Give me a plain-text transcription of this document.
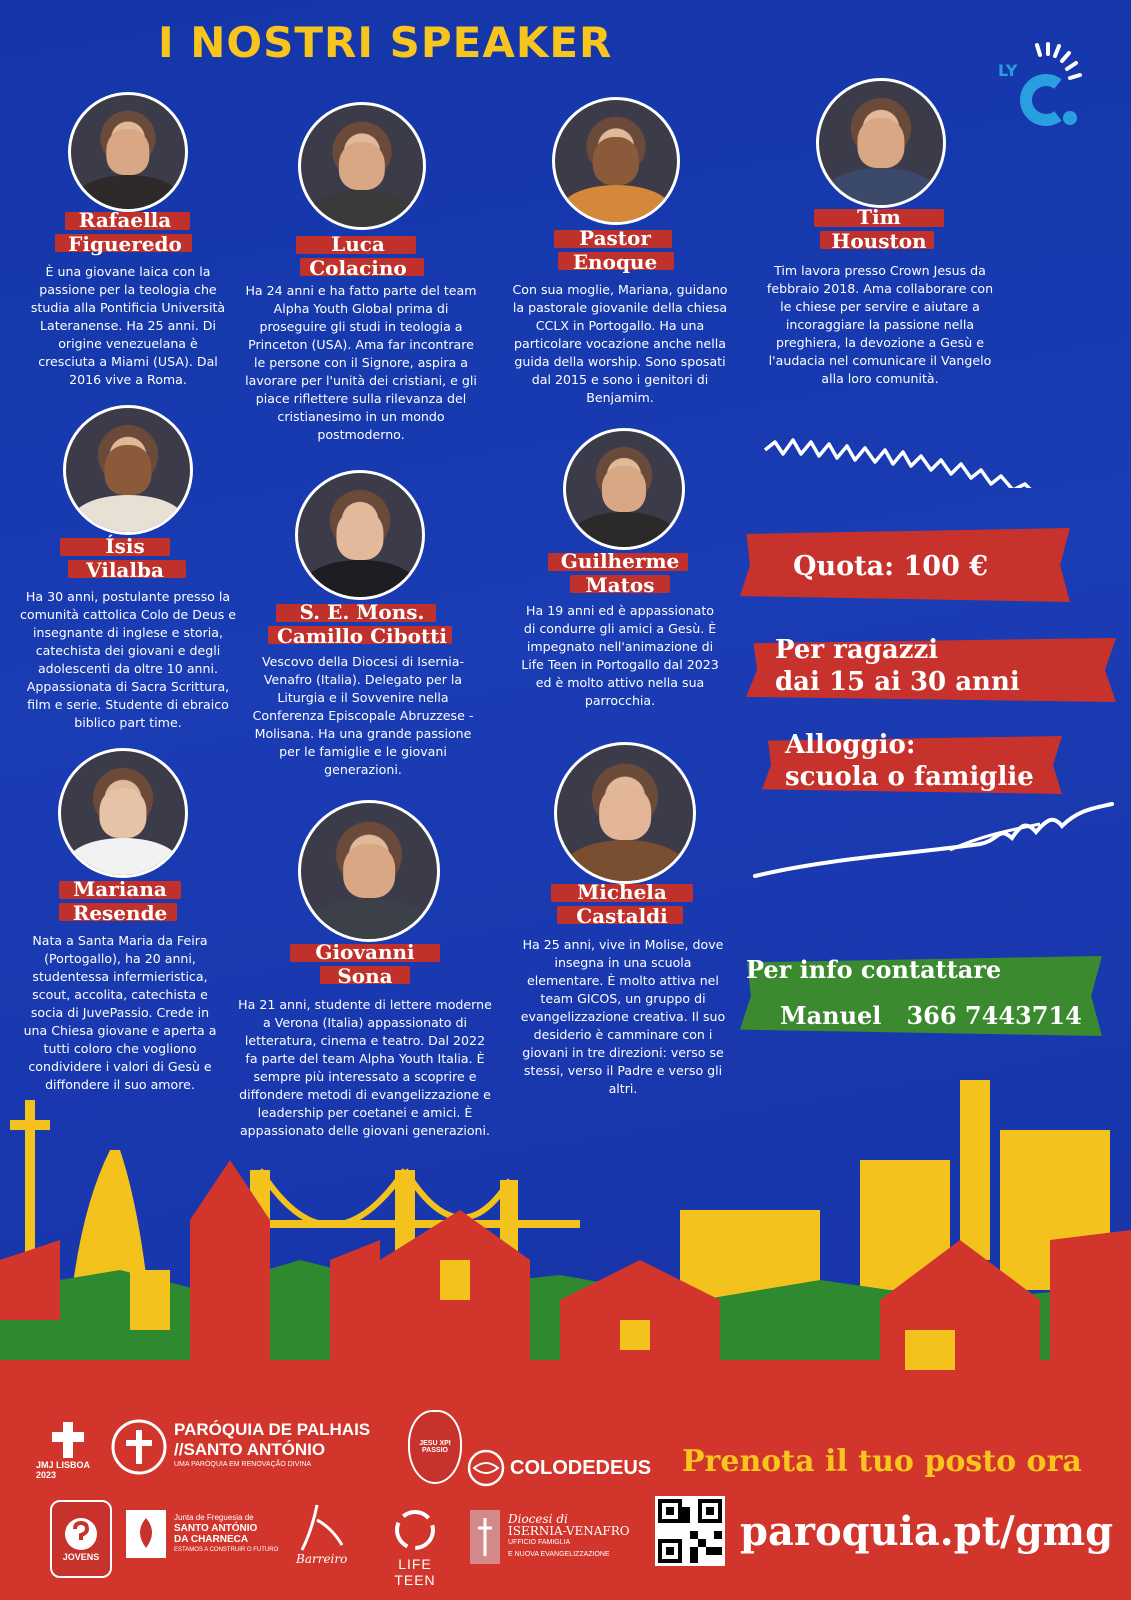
I NOSTRI SPEAKER
LY
Rafaella
Figueredo
È una giovane laica con la passione per la teologia che studia alla Pontificia Università Lateranense. Ha 25 anni. Di origine venezuelana è cresciuta a Miami (USA). Dal 2016 vive a Roma.
Luca
Colacino
Ha 24 anni e ha fatto parte del team Alpha Youth Global prima di proseguire gli studi in teologia a Princeton (USA). Ama far incontrare le persone con il Signore, aspira a lavorare per l'unità dei cristiani, e gli piace riflettere sulla rilevanza del cristianesimo in un mondo postmoderno.
Pastor
Enoque
Con sua moglie, Mariana, guidano la pastorale giovanile della chiesa CCLX in Portogallo. Ha una particolare vocazione anche nella guida della worship. Sono sposati dal 2015 e sono i genitori di Benjamim.
Tim
Houston
Tim lavora presso Crown Jesus da febbraio 2018. Ama collaborare con le chiese per servire e aiutare a incoraggiare la passione nella preghiera, la devozione a Gesù e l'audacia nel comunicare il Vangelo alla loro comunità.
Ísis
Vilalba
Ha 30 anni, postulante presso la comunità cattolica Colo de Deus e insegnante di inglese e storia, catechista dei giovani e degli adolescenti da oltre 10 anni. Appassionata di Sacra Scrittura, film e serie. Studente di ebraico biblico part time.
S. E. Mons.
Camillo Cibotti
Vescovo della Diocesi di Isernia-Venafro (Italia). Delegato per la Liturgia e il Sovvenire nella Conferenza Episcopale Abruzzese - Molisana. Ha una grande passione per le famiglie e le giovani generazioni.
Guilherme
Matos
Ha 19 anni ed è appassionato di condurre gli amici a Gesù. È impegnato nell'animazione di Life Teen in Portogallo dal 2023 ed è molto attivo nella sua parrocchia.
Mariana
Resende
Nata a Santa Maria da Feira (Portogallo), ha 20 anni, studentessa infermieristica, scout, accolita, catechista e socia di JuvePassio. Crede in una Chiesa giovane e aperta a tutti coloro che vogliono condividere i valori di Gesù e diffondere il suo amore.
Giovanni
Sona
Ha 21 anni, studente di lettere moderne a Verona (Italia) appassionato di letteratura, cinema e teatro. Dal 2022 fa parte del team Alpha Youth Italia. È sempre più interessato a scoprire e diffondere metodi di evangelizzazione e leadership per coetanei e amici. È appassionato delle giovani generazioni.
Michela
Castaldi
Ha 25 anni, vive in Molise, dove insegna in una scuola elementare. È molto attiva nel team GICOS, un gruppo di evangelizzazione creativa. Il suo desiderio è camminare con i giovani in tre direzioni: verso se stessi, verso il Padre e verso gli altri.
Quota: 100 €
Per ragazzi
dai 15 ai 30 anni
Alloggio:
scuola o famiglie
Per info contattare
Manuel   366 7443714
JMJ LISBOA 2023
PARÓQUIA DE PALHAIS
//SANTO ANTÓNIO
UMA PARÓQUIA EM RENOVAÇÃO DIVINA
JESU XPI PASSIO
COLODEDEUS Prenota il tuo posto ora
JOVENS
Junta de Freguesia de
SANTO ANTÓNIO
DA CHARNECA
ESTAMOS A CONSTRUIR O FUTURO
Barreiro	LIFE TEEN
Diocesi di
ISERNIA-VENAFRO
UFFICIO FAMIGLIA
E NUOVA EVANGELIZZAZIONE	paroquia.pt/gmg
